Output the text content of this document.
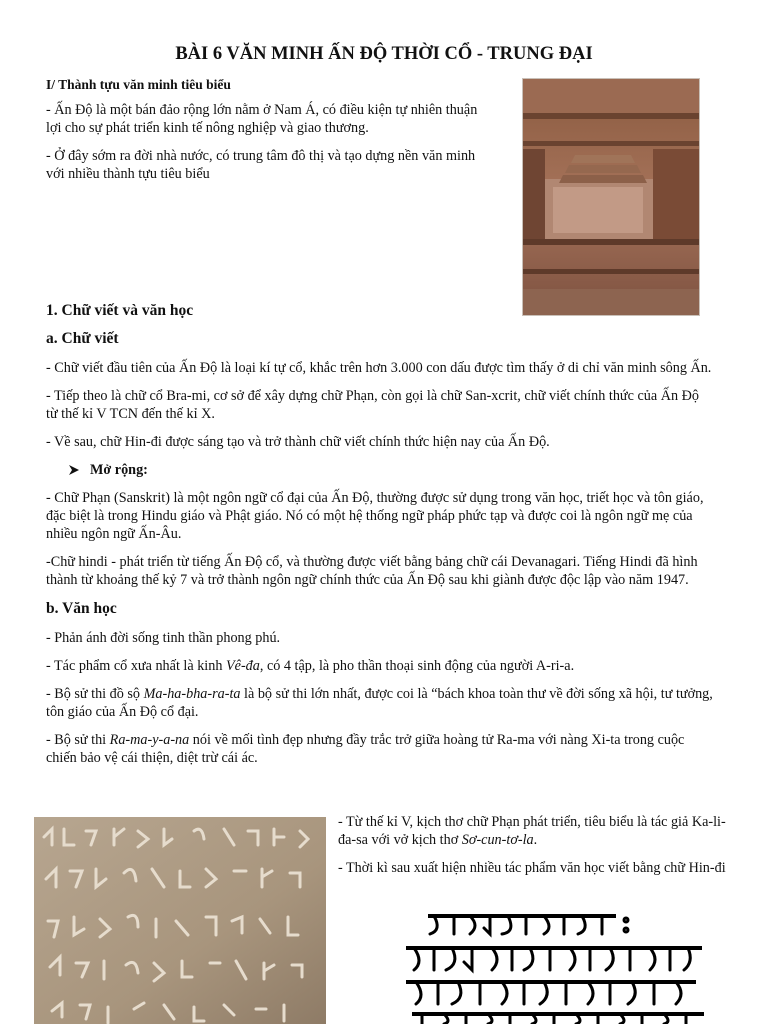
BÀI 6 VĂN MINH ẤN ĐỘ THỜI CỔ - TRUNG ĐẠI
I/ Thành tựu văn minh tiêu biểu

- Ấn Độ là một bán đảo rộng lớn nằm ở Nam Á, có điều kiện tự nhiên thuận lợi cho sự phát triển kinh tế nông nghiệp và giao thương.

- Ở đây sớm ra đời nhà nước, có trung tâm đô thị và tạo dựng nền văn minh với nhiều thành tựu tiêu biểu

1. Chữ viết và văn học
a. Chữ viết

- Chữ viết đầu tiên của Ấn Độ là loại kí tự cổ, khắc trên hơn 3.000 con dấu được tìm thấy ở di chỉ văn minh sông Ấn.

- Tiếp theo là chữ cổ Bra-mi, cơ sở để xây dựng chữ Phạn, còn gọi là chữ San-xcrit, chữ viết chính thức của Ấn Độ từ thế kỉ V TCN đến thế kỉ X.

- Về sau, chữ Hin-đi được sáng tạo và trở thành chữ viết chính thức hiện nay của Ấn Độ.

Mở rộng:

- Chữ Phạn (Sanskrit) là một ngôn ngữ cổ đại của Ấn Độ, thường được sử dụng trong văn học, triết học và tôn giáo, đặc biệt là trong Hindu giáo và Phật giáo. Nó có một hệ thống ngữ pháp phức tạp và được coi là ngôn ngữ mẹ của nhiều ngôn ngữ Ấn-Âu.

-Chữ hindi - phát triển từ tiếng Ấn Độ cổ, và thường được viết bằng bảng chữ cái Devanagari. Tiếng Hindi đã hình thành từ khoảng thế kỷ 7 và trở thành ngôn ngữ chính thức của Ấn Độ sau khi giành được độc lập vào năm 1947.

b. Văn học

- Phản ánh đời sống tinh thần phong phú.

- Tác phẩm cổ xưa nhất là kinh Vê-đa, có 4 tập, là pho thần thoại sinh động của người A-ri-a.

- Bộ sử thi đồ sộ Ma-ha-bha-ra-ta là bộ sử thi lớn nhất, được coi là “bách khoa toàn thư về đời sống xã hội, tư tưởng, tôn giáo của Ấn Độ cổ đại.

- Bộ sử thi Ra-ma-y-a-na nói về mối tình đẹp nhưng đầy trắc trở giữa hoàng tử Ra-ma với nàng Xi-ta trong cuộc chiến bảo vệ cái thiện, diệt trừ cái ác.

- Từ thế kỉ V, kịch thơ chữ Phạn phát triển, tiêu biểu là tác giả Ka-li-đa-sa với vở kịch thơ Sơ-cun-tơ-la.

- Thời kì sau xuất hiện nhiều tác phẩm văn học viết bằng chữ Hin-đi
